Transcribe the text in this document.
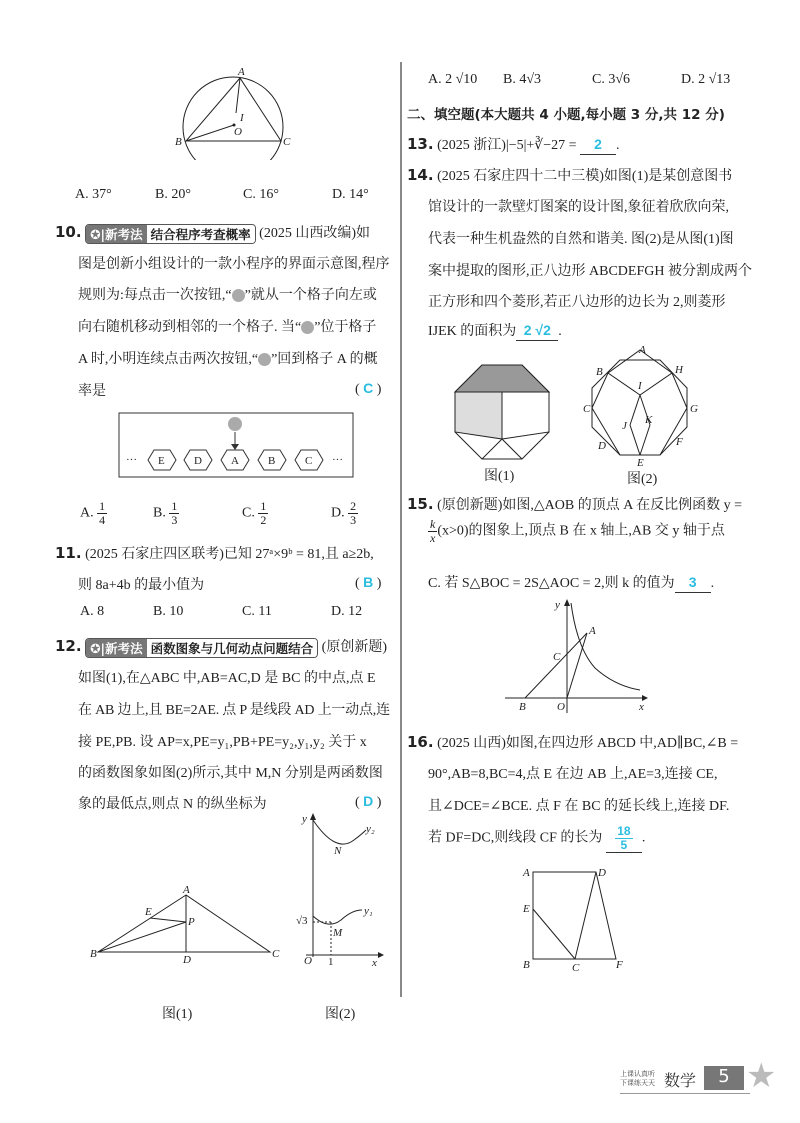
A
B	C
O
I
A. 37°	B. 20°	C. 16°	D. 14°
10. ✪|新考法 结合程序考查概率 (2025 山西改编)如
图是创新小组设计的一款小程序的界面示意图,程序
规则为:每点击一次按钮,“ ”就从一个格子向左或
向右随机移动到相邻的一个格子. 当“ ”位于格子
A 时,小明连续点击两次按钮,“ ”回到格子 A 的概
率是	( C )
···	···
E	D	A	B	C
A. $\frac{1}{4}$	B. $\frac{1}{3}$	C. $\frac{1}{2}$	D. $\frac{2}{3}$
11. (2025 石家庄四区联考)已知 27ᵃ×9ᵇ = 81,且 a≥2b,
则 8a+4b 的最小值为	( B )
A. 8	B. 10	C. 11	D. 12
12. ✪|新考法 函数图象与几何动点问题结合 (原创新题)
如图(1),在△ABC 中,AB=AC,D 是 BC 的中点,点 E
在 AB 边上,且 BE=2AE. 点 P 是线段 AD 上一动点,连
接 PE,PB. 设 AP=x,PE=y₁,PB+PE=y₂,y₁,y₂ 关于 x
的函数图象如图(2)所示,其中 M,N 分别是两函数图
象的最低点,则点 N 的纵坐标为	( D )
A
B	C
D
E
P
图(1)
y
x
O 1
√3
M
N
y₂
y₁
图(2)
A. 2 √10 B. 4√3	C. 3√6	D. 2 √13
二、填空题(本大题共 4 小题,每小题 3 分,共 12 分)
13. (2025 浙江)|−5|+∛−27 = 2 .
14. (2025 石家庄四十二中三模)如图(1)是某创意图书
馆设计的一款壁灯图案的设计图,象征着欣欣向荣,
代表一种生机盎然的自然和谐美. 图(2)是从图(1)图
案中提取的图形,正八边形 ABCDEFGH 被分割成两个
正方形和四个菱形,若正八边形的边长为 2,则菱形
IJEK 的面积为 2 √2 .
图(1)
A
B
C
D
E
F
G
H
I
J K
图(2)
15. (原创新题)如图,△AOB 的顶点 A 在反比例函数 y =
$\frac{k}{x} (x>0)$的图象上,顶点 B 在 x 轴上,AB 交 y 轴于点
C. 若 S△BOC = 2S△AOC = 2,则 k 的值为 3 .
y
x
A
B
C
O
16. (2025 山西)如图,在四边形 ABCD 中,AD∥BC,∠B =
90°,AB=8,BC=4,点 E 在边 AB 上,AE=3,连接 CE,
且∠DCE=∠BCE. 点 F 在 BC 的延长线上,连接 DF.
若 DF=DC,则线段 CF 的长为 $\frac{18}{5}$ .
A	D
E
B	C	F
上课认真听
下课练天天 数学	5 ★
